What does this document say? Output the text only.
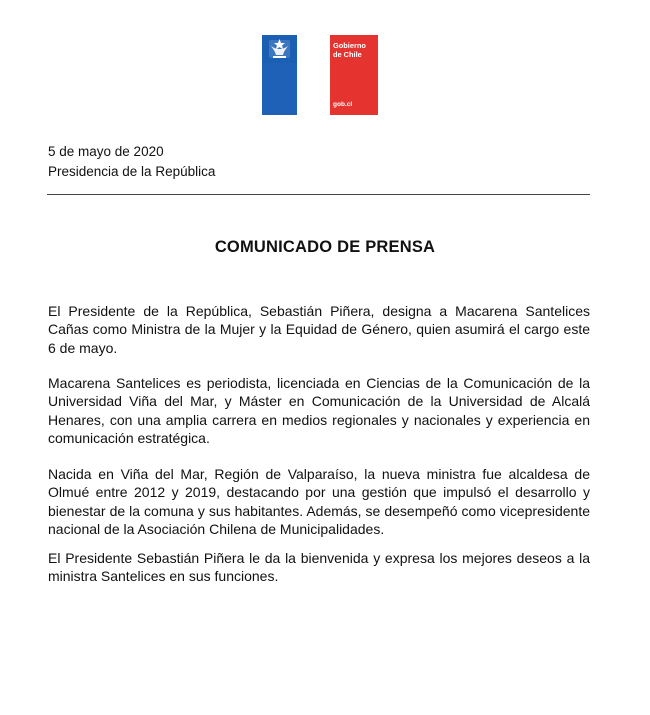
Gobierno
de Chile
gob.cl
5 de mayo de 2020
Presidencia de la República
COMUNICADO DE PRENSA
El Presidente de la República, Sebastián Piñera, designa a Macarena Santelices Cañas como Ministra de la Mujer y la Equidad de Género, quien asumirá el cargo este 6 de mayo.
Macarena Santelices es periodista, licenciada en Ciencias de la Comunicación de la Universidad Viña del Mar, y Máster en Comunicación de la Universidad de Alcalá Henares, con una amplia carrera en medios regionales y nacionales y experiencia en comunicación estratégica.
Nacida en Viña del Mar, Región de Valparaíso, la nueva ministra fue alcaldesa de Olmué entre 2012 y 2019, destacando por una gestión que impulsó el desarrollo y bienestar de la comuna y sus habitantes. Además, se desempeñó como vicepresidente nacional de la Asociación Chilena de Municipalidades.
El Presidente Sebastián Piñera le da la bienvenida y expresa los mejores deseos a la ministra Santelices en sus funciones.
